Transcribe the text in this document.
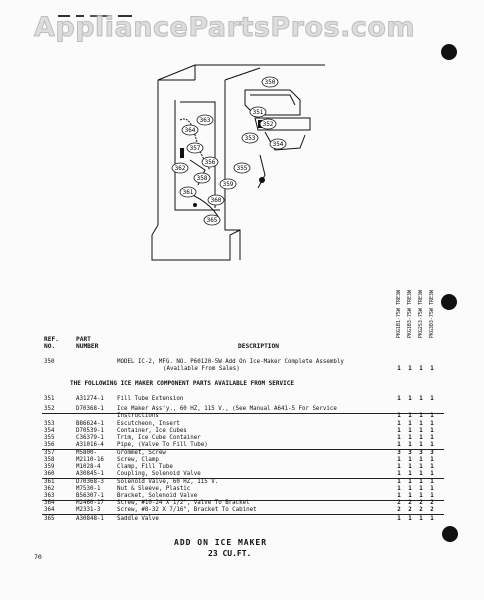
AppliancePartsPros.com
350
351
352
353
354
355
356
357
358
359
360
361
362
363
364
365
PKG1B1-75W TRE3W PKG1B3-75W TRE3W PKG2S3-75W TRE3W PKG3D3-75W TRE3W
REF.
NO.
PART
NUMBER	DESCRIPTION
350	MODEL IC-2, MFG. NO. P60120-5W Add On Ice-Maker Complete Assembly
1 1 1 1
(Available From Sales)
THE FOLLOWING ICE MAKER COMPONENT PARTS AVAILABLE FROM SERVICE
351	A31274-1 Fill Tube Extension	1 1 1 1
352	D70368-1 Ice Maker Ass'y., 60 HZ, 115 V., (See Manual A641-5 For Service
Instructions	1 1 1 1
353	B86624-1 Escutcheon, Insert	1 1 1 1
354	D70539-1 Container, Ice Cubes	1 1 1 1
355	C36379-1 Trim, Ice Cube Container	1 1 1 1
356	A31016-4 Pipe, (Valve To Fill Tube)	1 1 1 1
357	M5800-	Grommet, Screw	3 3 3 3
358	M2110-16 Screw, Clamp	1 1 1 1
359	M1028-4	Clamp, Fill Tube	1 1 1 1
360	A30845-1 Coupling, Solenoid Valve	1 1 1 1
361	D70368-3 Solenoid Valve, 60 HZ, 115 V.	1 1 1 1
362	M7530-1	Nut & Sleeve, Plastic	1 1 1 1
363	B56307-1 Bracket, Solenoid Valve	1 1 1 1
364	M2460-17 Screw, #10-24 X 1/2", Valve To Bracket	2 2 2 2
364	M2331-3	Screw, #8-32 X 7/16", Bracket To Cabinet	2 2 2 2
365	A30848-1 Saddle Valve	1 1 1 1
ADD ON ICE MAKER
23 CU.FT.
70
